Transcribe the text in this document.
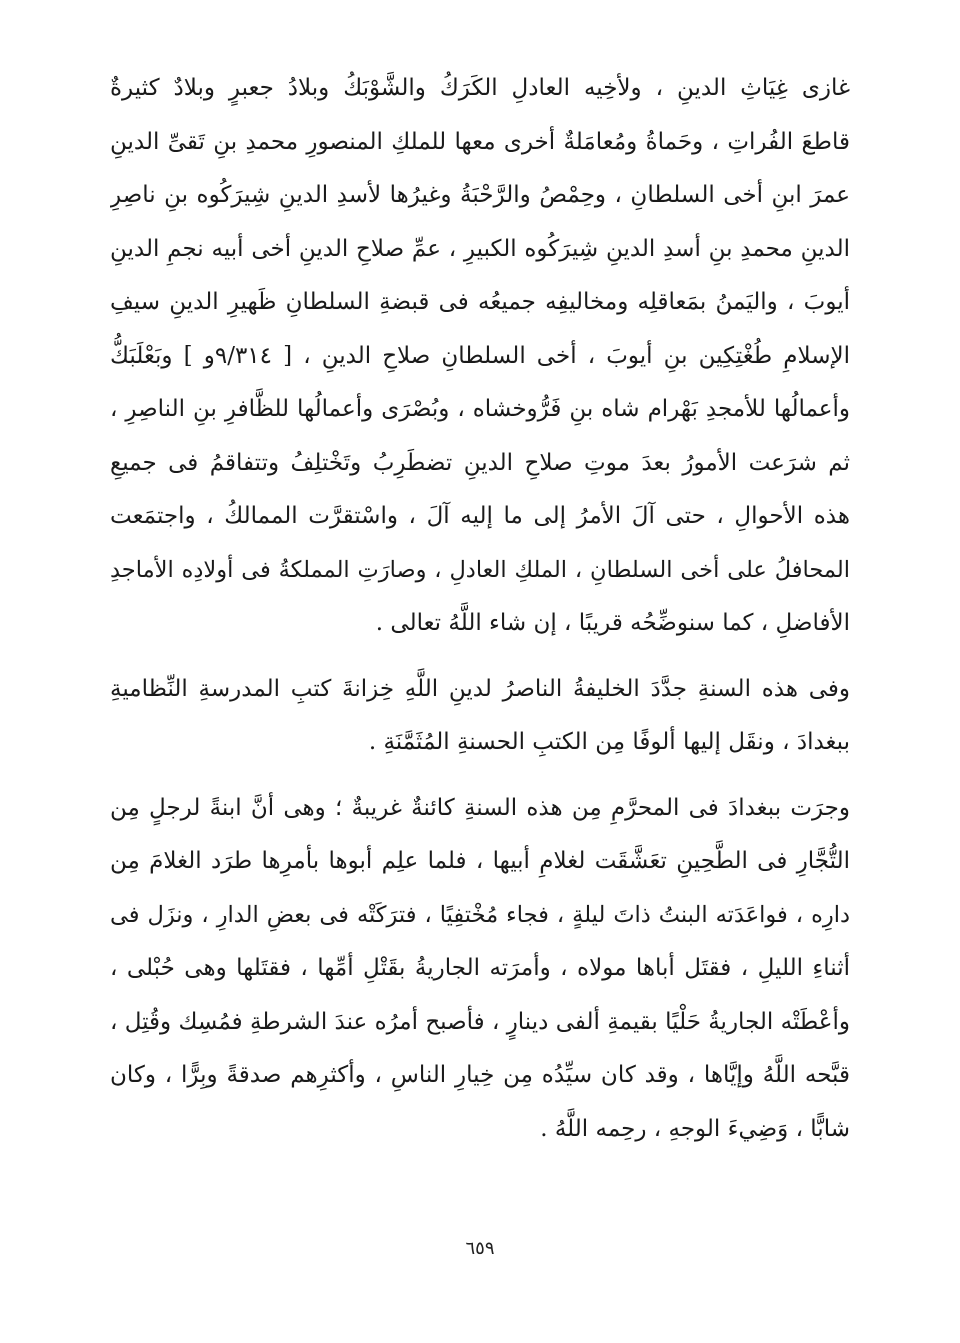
غازى غِيَاثِ الدينِ ، ولأخِيه العادلِ الكَرَكُ والشَّوْبَكُ وبلادُ جعبرٍ وبلادٌ كثيرةٌ
قاطعَ الفُراتِ ، وحَماةُ ومُعامَلةٌ أخرى معها للملكِ المنصورِ محمدِ بنِ تَقىِّ الدينِ
عمرَ ابنِ أخى السلطانِ ، وحِمْصُ والرَّحْبَةُ وغيرُها لأسدِ الدينِ شِيرَكُوه بنِ ناصِرِ
الدينِ محمدِ بنِ أسدِ الدينِ شِيرَكُوه الكبيرِ ، عمِّ صلاحِ الدينِ أخى أبيه نجمِ الدينِ
أيوبَ ، واليَمنُ بمَعاقلِه ومخاليفِه جميعُه فى قبضةِ السلطانِ ظَهيرِ الدينِ سيفِ
الإسلامِ طُغْتِكِين بنِ أيوبَ ، أخى السلطانِ صلاحِ الدينِ ، [ ٩/٣١٤و ] وبَعْلَبَكُّ
وأعمالُها للأمجدِ بَهْرام شاه بنِ فَرُّوخشاه ، وبُصْرَى وأعمالُها للظَّافرِ بنِ الناصِرِ ،
ثم شرَعت الأمورُ بعدَ موتِ صلاحِ الدينِ تضطَرِبُ وتَخْتلِفُ وتتفاقمُ فى جميعِ
هذه الأحوالِ ، حتى آلَ الأمرُ إلى ما إليه آلَ ، واسْتقرَّت الممالكُ ، واجتمَعت
المحافلُ على أخى السلطانِ ، الملكِ العادلِ ، وصارَتِ المملكةُ فى أولادِه الأماجدِ
الأفاضلِ ، كما سنوضِّحُه قريبًا ، إن شاء اللَّهُ تعالى .
وفى هذه السنةِ جدَّدَ الخليفةُ الناصرُ لدينِ اللَّهِ خِزانةَ كتبِ المدرسةِ النِّظاميةِ
ببغدادَ ، ونقَل إليها ألوفًا مِن الكتبِ الحسنةِ المُثَمَّنَةِ .
وجرَت ببغدادَ فى المحرَّمِ مِن هذه السنةِ كائنةٌ غريبةٌ ؛ وهى أنَّ ابنةً لرجلٍ مِن
التُّجَّارِ فى الطَّحِينِ تعَشَّقَت لغلامِ أبيها ، فلما علِم أبوها بأمرِها طرَد الغلامَ مِن
دارِه ، فواعَدَته البنتُ ذاتَ ليلةٍ ، فجاء مُخْتفِيًا ، فترَكَتْه فى بعضِ الدارِ ، ونزَل فى
أثناءِ الليلِ ، فقتَل أباها مولاه ، وأمرَته الجاريةُ بقَتْلِ أمِّها ، فقتَلها وهى حُبْلى ،
وأعْطَتْه الجاريةُ حَلْيًا بقيمةِ ألفى دينارٍ ، فأصبح أمرُه عندَ الشرطةِ فمُسِك وقُتِل ،
قبَّحه اللَّهُ وإيَّاها ، وقد كان سيِّدُه مِن خِيارِ الناسِ ، وأكثرِهم صدقةً وبِرًّا ، وكان
شابًّا ، وَضِيءَ الوجهِ ، رحِمه اللَّهُ .
٦٥٩
